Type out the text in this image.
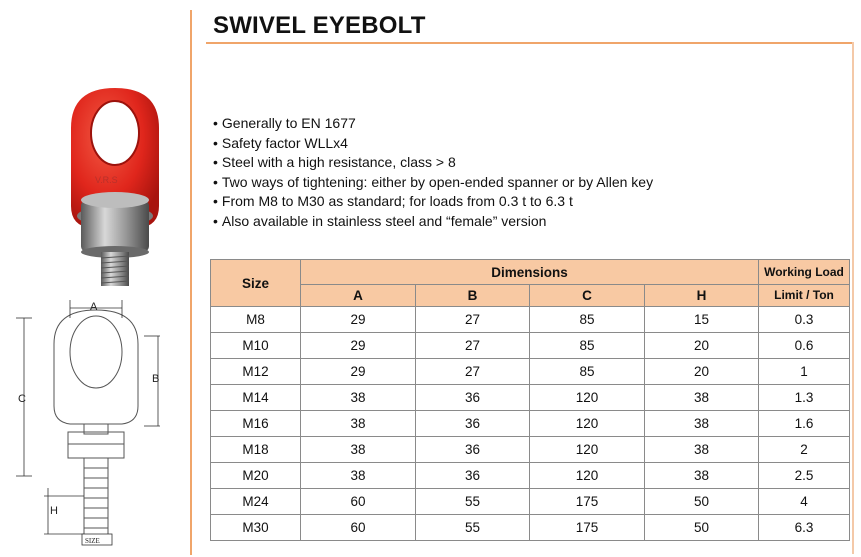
SWIVEL EYEBOLT
V.R.S
A
B
C
H
SIZE
• Generally to EN 1677
• Safety factor WLLx4
• Steel with a high resistance, class > 8
• Two ways of tightening: either by open-ended spanner or by Allen key
• From M8 to M30 as standard; for loads from 0.3 t to 6.3 t
• Also available in stainless steel and “female” version
Size	Dimensions				Working Load
	A	B	C	H	Limit / Ton
M8	29	27	85	15	0.3
M10	29	27	85	20	0.6
M12	29	27	85	20	1
M14	38	36	120	38	1.3
M16	38	36	120	38	1.6
M18	38	36	120	38	2
M20	38	36	120	38	2.5
M24	60	55	175	50	4
M30	60	55	175	50	6.3
